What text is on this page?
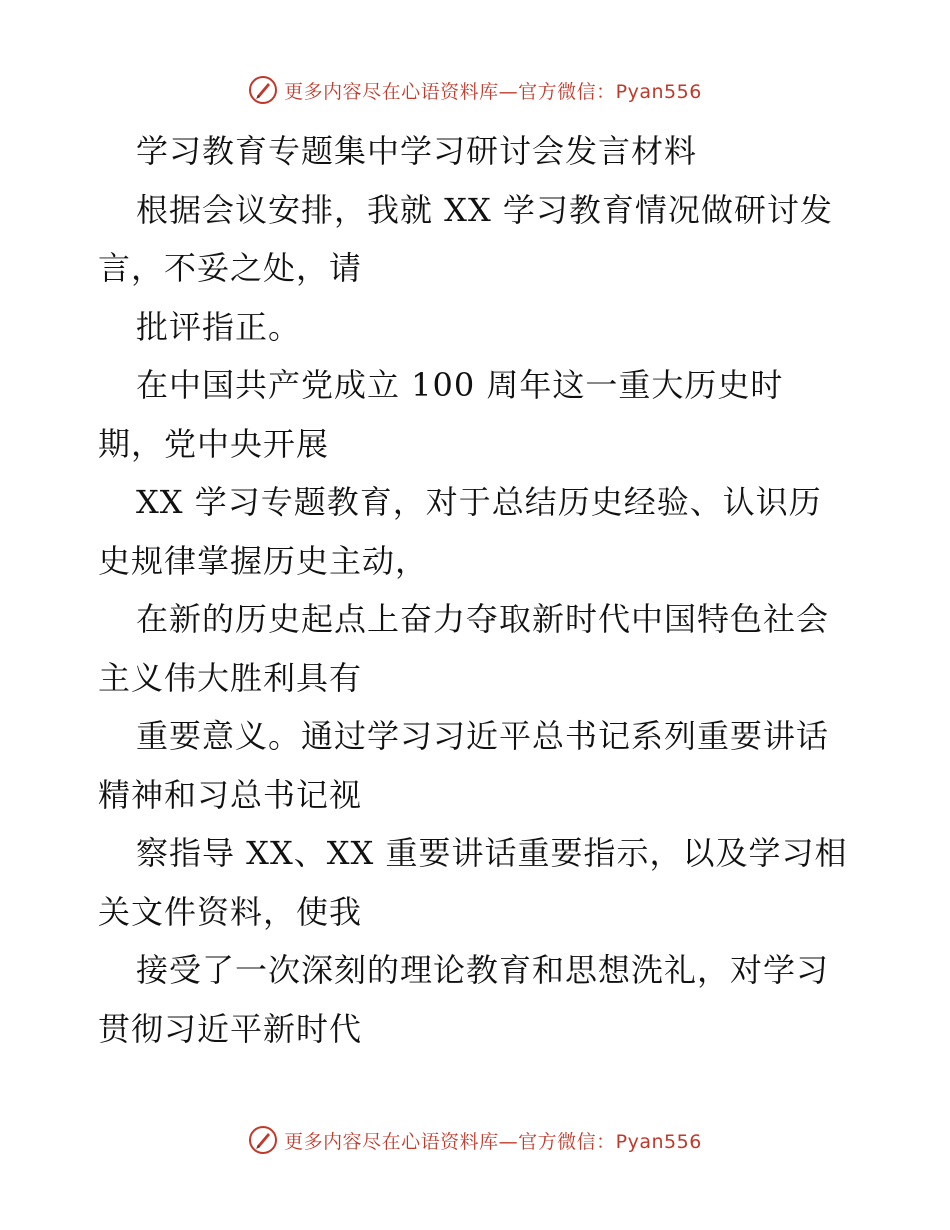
更多内容尽在心语资料库—官方微信：Pyan556
学习教育专题集中学习研讨会发言材料
根据会议安排，我就 XX 学习教育情况做研讨发
言，不妥之处，请
批评指正。
在中国共产党成立 100 周年这一重大历史时
期，党中央开展
XX 学习专题教育，对于总结历史经验、认识历
史规律掌握历史主动，
在新的历史起点上奋力夺取新时代中国特色社会
主义伟大胜利具有
重要意义。通过学习习近平总书记系列重要讲话
精神和习总书记视
察指导 XX、XX 重要讲话重要指示，以及学习相
关文件资料，使我
接受了一次深刻的理论教育和思想洗礼，对学习
贯彻习近平新时代
更多内容尽在心语资料库—官方微信：Pyan556
